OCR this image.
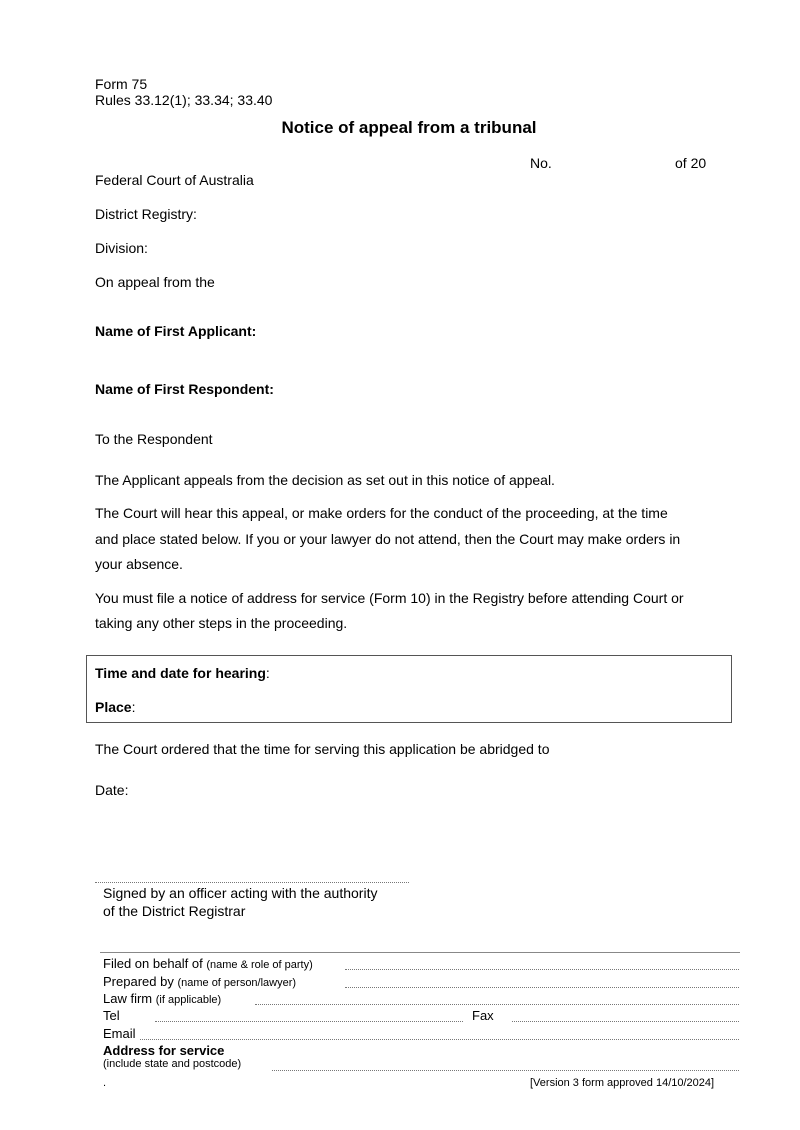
Form 75
Rules 33.12(1); 33.34; 33.40
Notice of appeal from a tribunal
No.	of 20
Federal Court of Australia
District Registry:
Division:
On appeal from the
Name of First Applicant:
Name of First Respondent:
To the Respondent
The Applicant appeals from the decision as set out in this notice of appeal.
The Court will hear this appeal, or make orders for the conduct of the proceeding, at the time
and place stated below. If you or your lawyer do not attend, then the Court may make orders in
your absence.
You must file a notice of address for service (Form 10) in the Registry before attending Court or
taking any other steps in the proceeding.
Time and date for hearing:
Place:
The Court ordered that the time for serving this application be abridged to
Date:
Signed by an officer acting with the authority
of the District Registrar
Filed on behalf of (name & role of party)
Prepared by (name of person/lawyer)
Law firm (if applicable)
Tel	Fax
Email
Address for service
(include state and postcode)
.	[Version 3 form approved 14/10/2024]
